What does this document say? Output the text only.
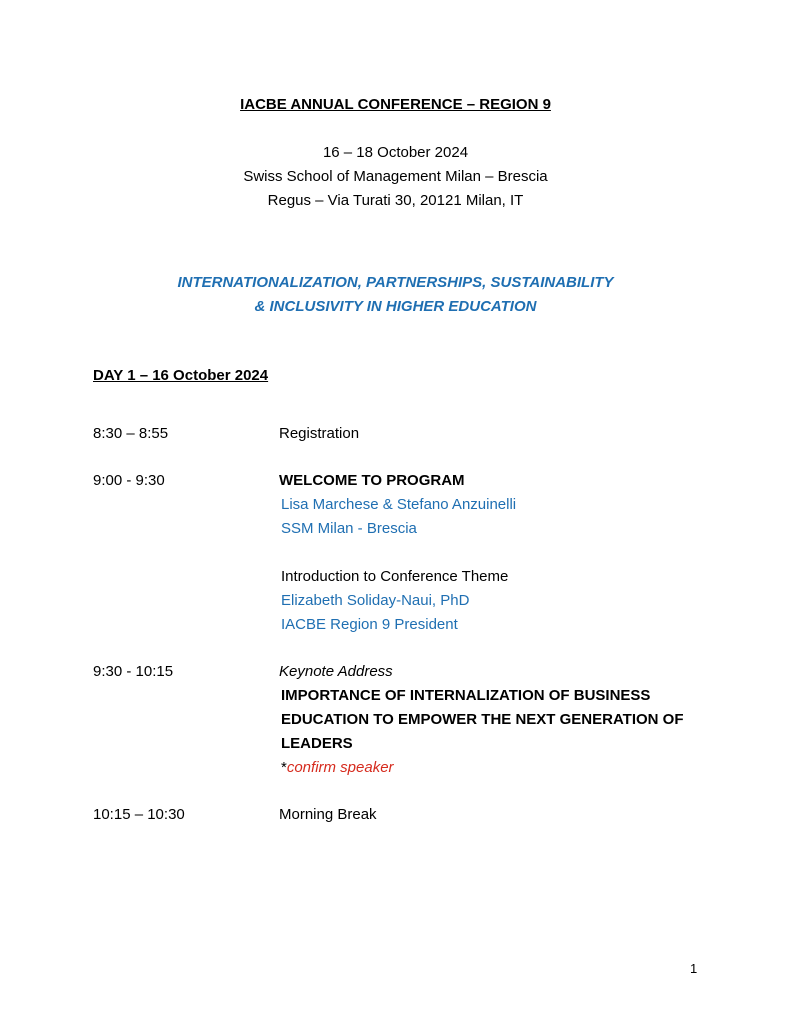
IACBE ANNUAL CONFERENCE – REGION 9
16 – 18 October 2024
Swiss School of Management Milan – Brescia
Regus – Via Turati 30, 20121 Milan, IT
INTERNATIONALIZATION, PARTNERSHIPS, SUSTAINABILITY
& INCLUSIVITY IN HIGHER EDUCATION
DAY 1 – 16 October 2024
8:30 – 8:55	Registration
9:00 - 9:30	WELCOME TO PROGRAM
Lisa Marchese & Stefano Anzuinelli
SSM Milan - Brescia
Introduction to Conference Theme
Elizabeth Soliday-Naui, PhD
IACBE Region 9 President
9:30 - 10:15	Keynote Address
IMPORTANCE OF INTERNALIZATION OF BUSINESS
EDUCATION TO EMPOWER THE NEXT GENERATION OF
LEADERS
*confirm speaker
10:15 – 10:30	Morning Break
1
